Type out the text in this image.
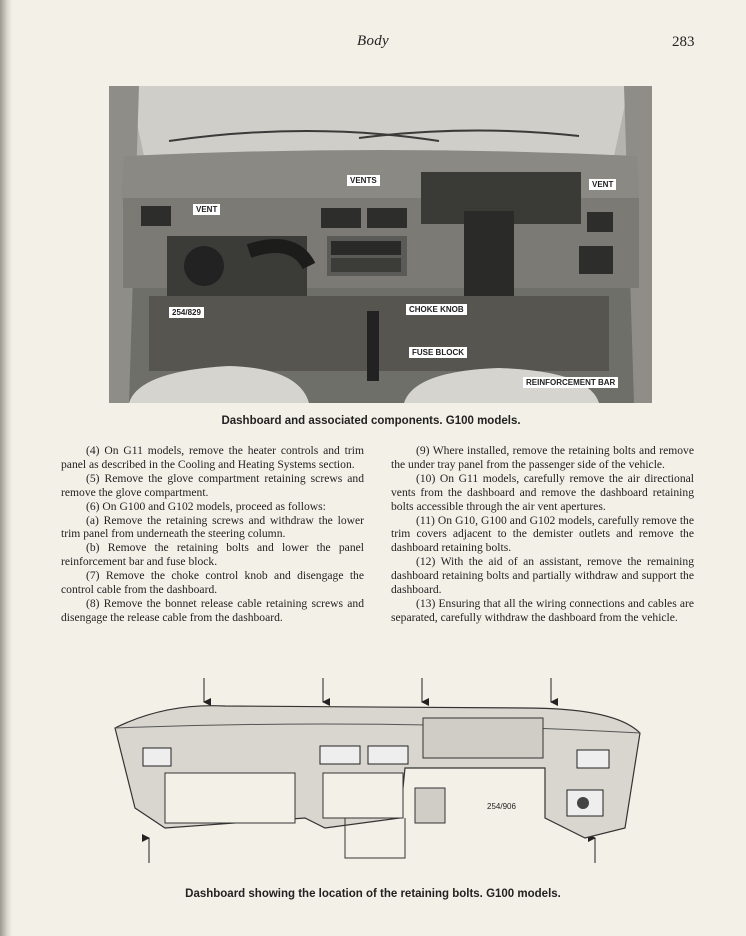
Body	283
VENTS
VENT
VENT
CHOKE KNOB
FUSE BLOCK
REINFORCEMENT BAR
254/829
Dashboard and associated components. G100 models.

(4) On G11 models, remove the heater controls and trim panel as described in the Cooling and Heating Systems section.

(5) Remove the glove compartment retaining screws and remove the glove compartment.

(6) On G100 and G102 models, proceed as follows:

(a) Remove the retaining screws and withdraw the lower trim panel from underneath the steering column.

(b) Remove the retaining bolts and lower the panel reinforcement bar and fuse block.

(7) Remove the choke control knob and disengage the control cable from the dashboard.

(8) Remove the bonnet release cable retaining screws and disengage the release cable from the dashboard.

(9) Where installed, remove the retaining bolts and remove the under tray panel from the passenger side of the vehicle.

(10) On G11 models, carefully remove the air directional vents from the dashboard and remove the dashboard retaining bolts accessible through the air vent apertures.

(11) On G10, G100 and G102 models, carefully remove the trim covers adjacent to the demister outlets and remove the dashboard retaining bolts.

(12) With the aid of an assistant, remove the remaining dashboard retaining bolts and partially withdraw and support the dashboard.

(13) Ensuring that all the wiring connections and cables are separated, carefully withdraw the dashboard from the vehicle.

254/906
Dashboard showing the location of the retaining bolts. G100 models.
